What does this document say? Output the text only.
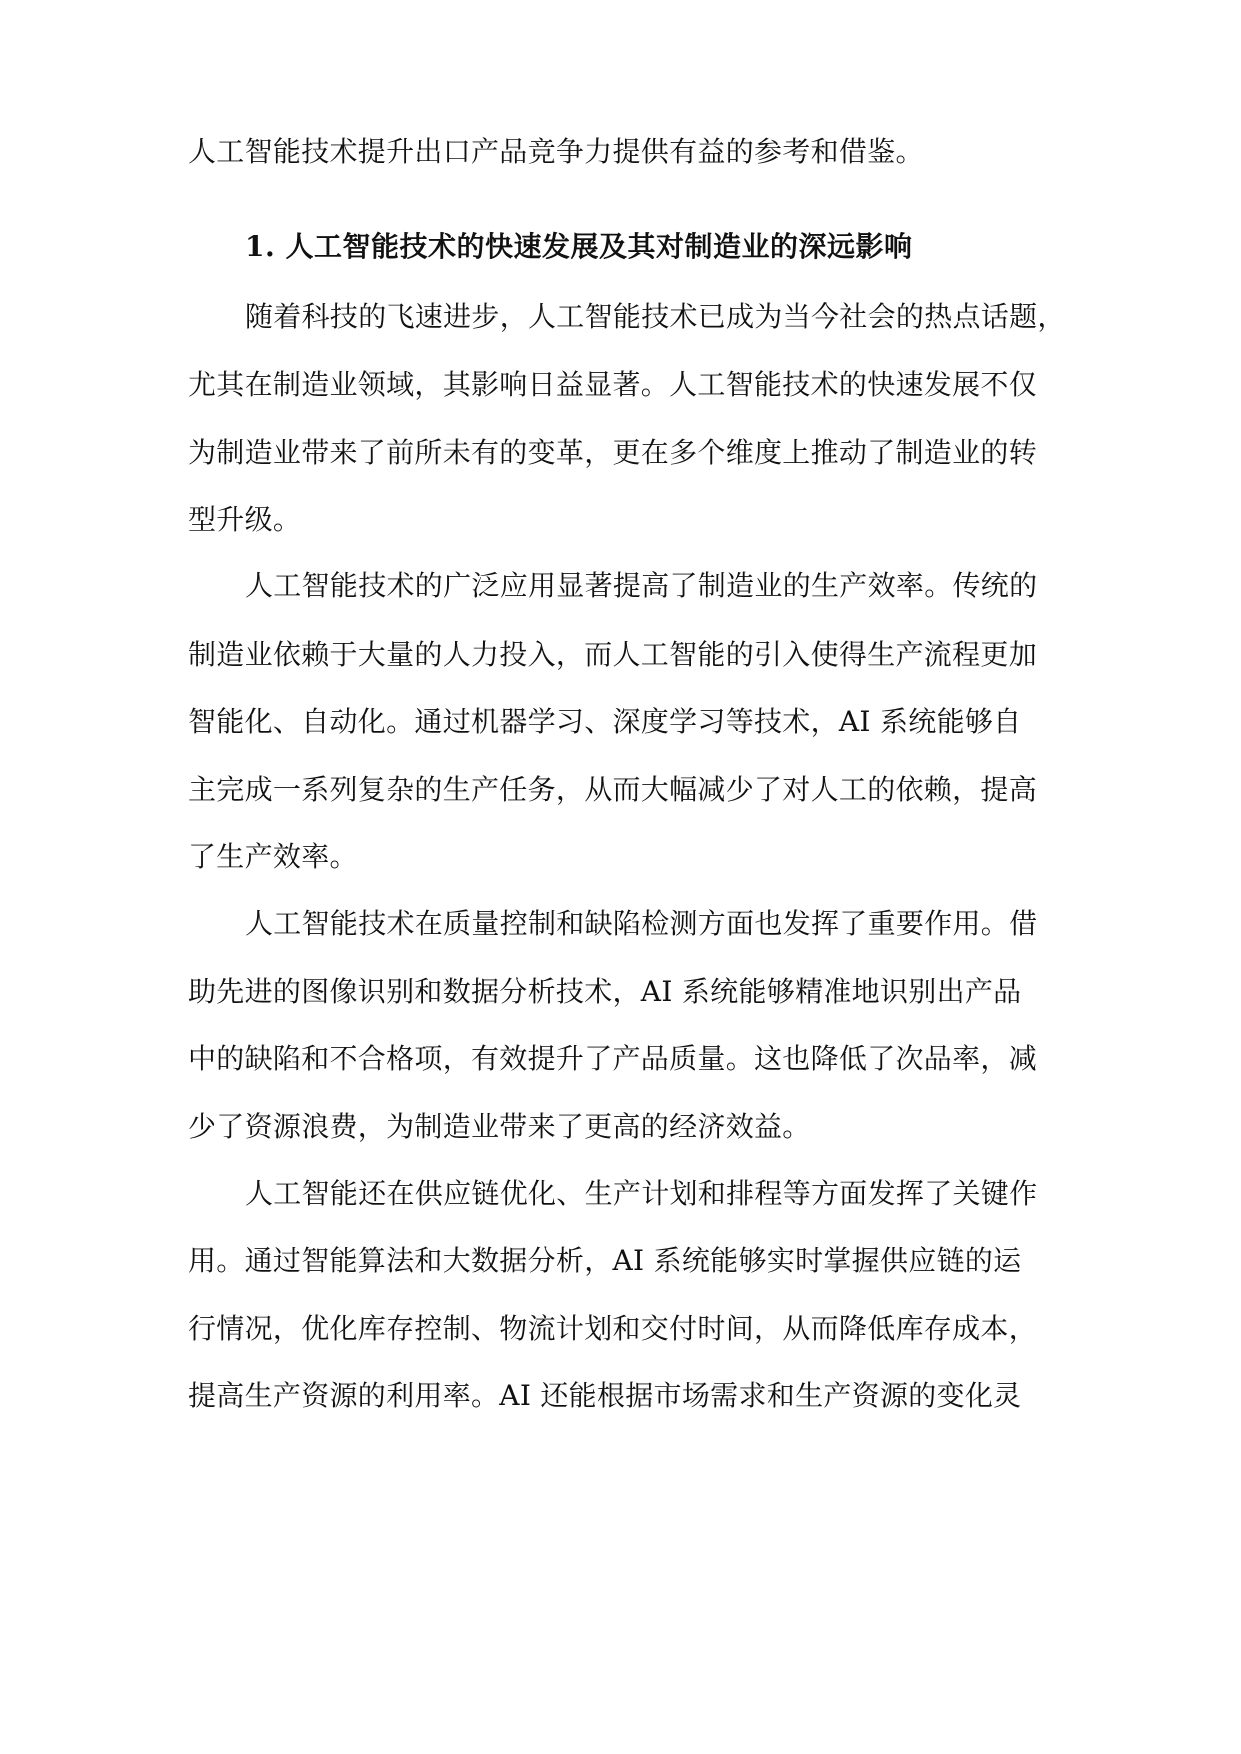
人工智能技术提升出口产品竞争力提供有益的参考和借鉴。
1. 人工智能技术的快速发展及其对制造业的深远影响
随着科技的飞速进步，人工智能技术已成为当今社会的热点话题，
尤其在制造业领域，其影响日益显著。人工智能技术的快速发展不仅
为制造业带来了前所未有的变革，更在多个维度上推动了制造业的转
型升级。
人工智能技术的广泛应用显著提高了制造业的生产效率。传统的
制造业依赖于大量的人力投入，而人工智能的引入使得生产流程更加
智能化、自动化。通过机器学习、深度学习等技术，AI 系统能够自
主完成一系列复杂的生产任务，从而大幅减少了对人工的依赖，提高
了生产效率。
人工智能技术在质量控制和缺陷检测方面也发挥了重要作用。借
助先进的图像识别和数据分析技术，AI 系统能够精准地识别出产品
中的缺陷和不合格项，有效提升了产品质量。这也降低了次品率，减
少了资源浪费，为制造业带来了更高的经济效益。
人工智能还在供应链优化、生产计划和排程等方面发挥了关键作
用。通过智能算法和大数据分析，AI 系统能够实时掌握供应链的运
行情况，优化库存控制、物流计划和交付时间，从而降低库存成本，
提高生产资源的利用率。AI 还能根据市场需求和生产资源的变化灵
